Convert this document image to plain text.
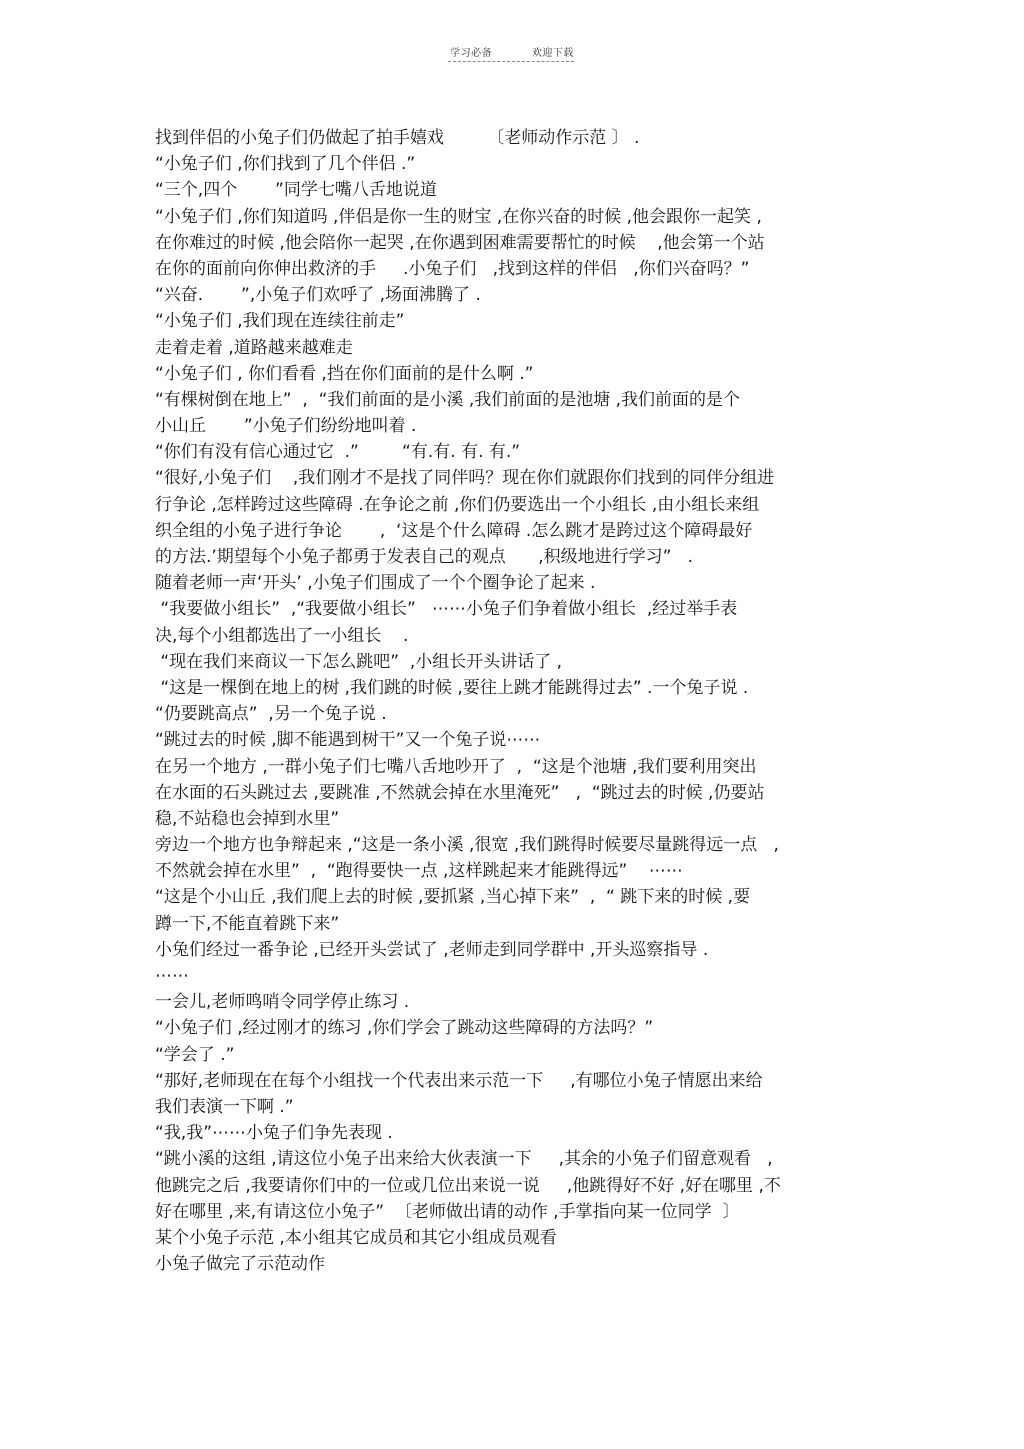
学习必备	欢迎下载
找到伴侣的小兔子们仍做起了拍手嬉戏        〔老师动作示范 〕 .
“小兔子们 ,你们找到了几个伴侣 .”
“三个,四个       ”同学七嘴八舌地说道
“小兔子们 ,你们知道吗 ,伴侣是你一生的财宝 ,在你兴奋的时候 ,他会跟你一起笑 ,
在你难过的时候 ,他会陪你一起哭 ,在你遇到困难需要帮忙的时候    ,他会第一个站
在你的面前向你伸出救济的手     .小兔子们   ,找到这样的伴侣   ,你们兴奋吗？”
“兴奋.       ”,小兔子们欢呼了 ,场面沸腾了 .
“小兔子们 ,我们现在连续往前走”
走着走着 ,道路越来越难走
“小兔子们 , 你们看看 ,挡在你们面前的是什么啊 .”
“有棵树倒在地上”  ,  “我们前面的是小溪 ,我们前面的是池塘 ,我们前面的是个
小山丘       ”小兔子们纷纷地叫着 .
“你们有没有信心通过它  .”        “有.有. 有. 有.”
“很好,小兔子们    ,我们刚才不是找了同伴吗？现在你们就跟你们找到的同伴分组进
行争论 ,怎样跨过这些障碍 .在争论之前 ,你们仍要选出一个小组长 ,由小组长来组
织全组的小兔子进行争论       ,  ‘这是个什么障碍 .怎么跳才是跨过这个障碍最好
的方法.’期望每个小兔子都勇于发表自己的观点      ,积级地进行学习”   .
随着老师一声‘开头’ ,小兔子们围成了一个个圈争论了起来 .
“我要做小组长”  ,“我要做小组长”   ⋯⋯小兔子们争着做小组长  ,经过举手表
决,每个小组都选出了一小组长    .
“现在我们来商议一下怎么跳吧”  ,小组长开头讲话了 ,
“这是一棵倒在地上的树 ,我们跳的时候 ,要往上跳才能跳得过去” .一个兔子说 .
“仍要跳高点”  ,另一个兔子说 .
“跳过去的时候 ,脚不能遇到树干”又一个兔子说⋯⋯
在另一个地方 ,一群小兔子们七嘴八舌地吵开了  ,  “这是个池塘 ,我们要利用突出
在水面的石头跳过去 ,要跳准 ,不然就会掉在水里淹死”   ,  “跳过去的时候 ,仍要站
稳,不站稳也会掉到水里”
旁边一个地方也争辩起来 ,“这是一条小溪 ,很宽 ,我们跳得时候要尽量跳得远一点   ,
不然就会掉在水里”  ,  “跑得要快一点 ,这样跳起来才能跳得远”    ⋯⋯
“这是个小山丘 ,我们爬上去的时候 ,要抓紧 ,当心掉下来”  ,  “ 跳下来的时候 ,要
蹲一下,不能直着跳下来”
小兔们经过一番争论 ,已经开头尝试了 ,老师走到同学群中 ,开头巡察指导 .
⋯⋯
一会儿,老师鸣哨令同学停止练习 .
“小兔子们 ,经过刚才的练习 ,你们学会了跳动这些障碍的方法吗？”
“学会了 .”
“那好,老师现在在每个小组找一个代表出来示范一下     ,有哪位小兔子情愿出来给
我们表演一下啊 .”
“我,我”⋯⋯小兔子们争先表现 .
“跳小溪的这组 ,请这位小兔子出来给大伙表演一下     ,其余的小兔子们留意观看   ,
他跳完之后 ,我要请你们中的一位或几位出来说一说     ,他跳得好不好 ,好在哪里 ,不
好在哪里 ,来,有请这位小兔子”  〔老师做出请的动作 ,手掌指向某一位同学  〕
某个小兔子示范 ,本小组其它成员和其它小组成员观看
小兔子做完了示范动作
